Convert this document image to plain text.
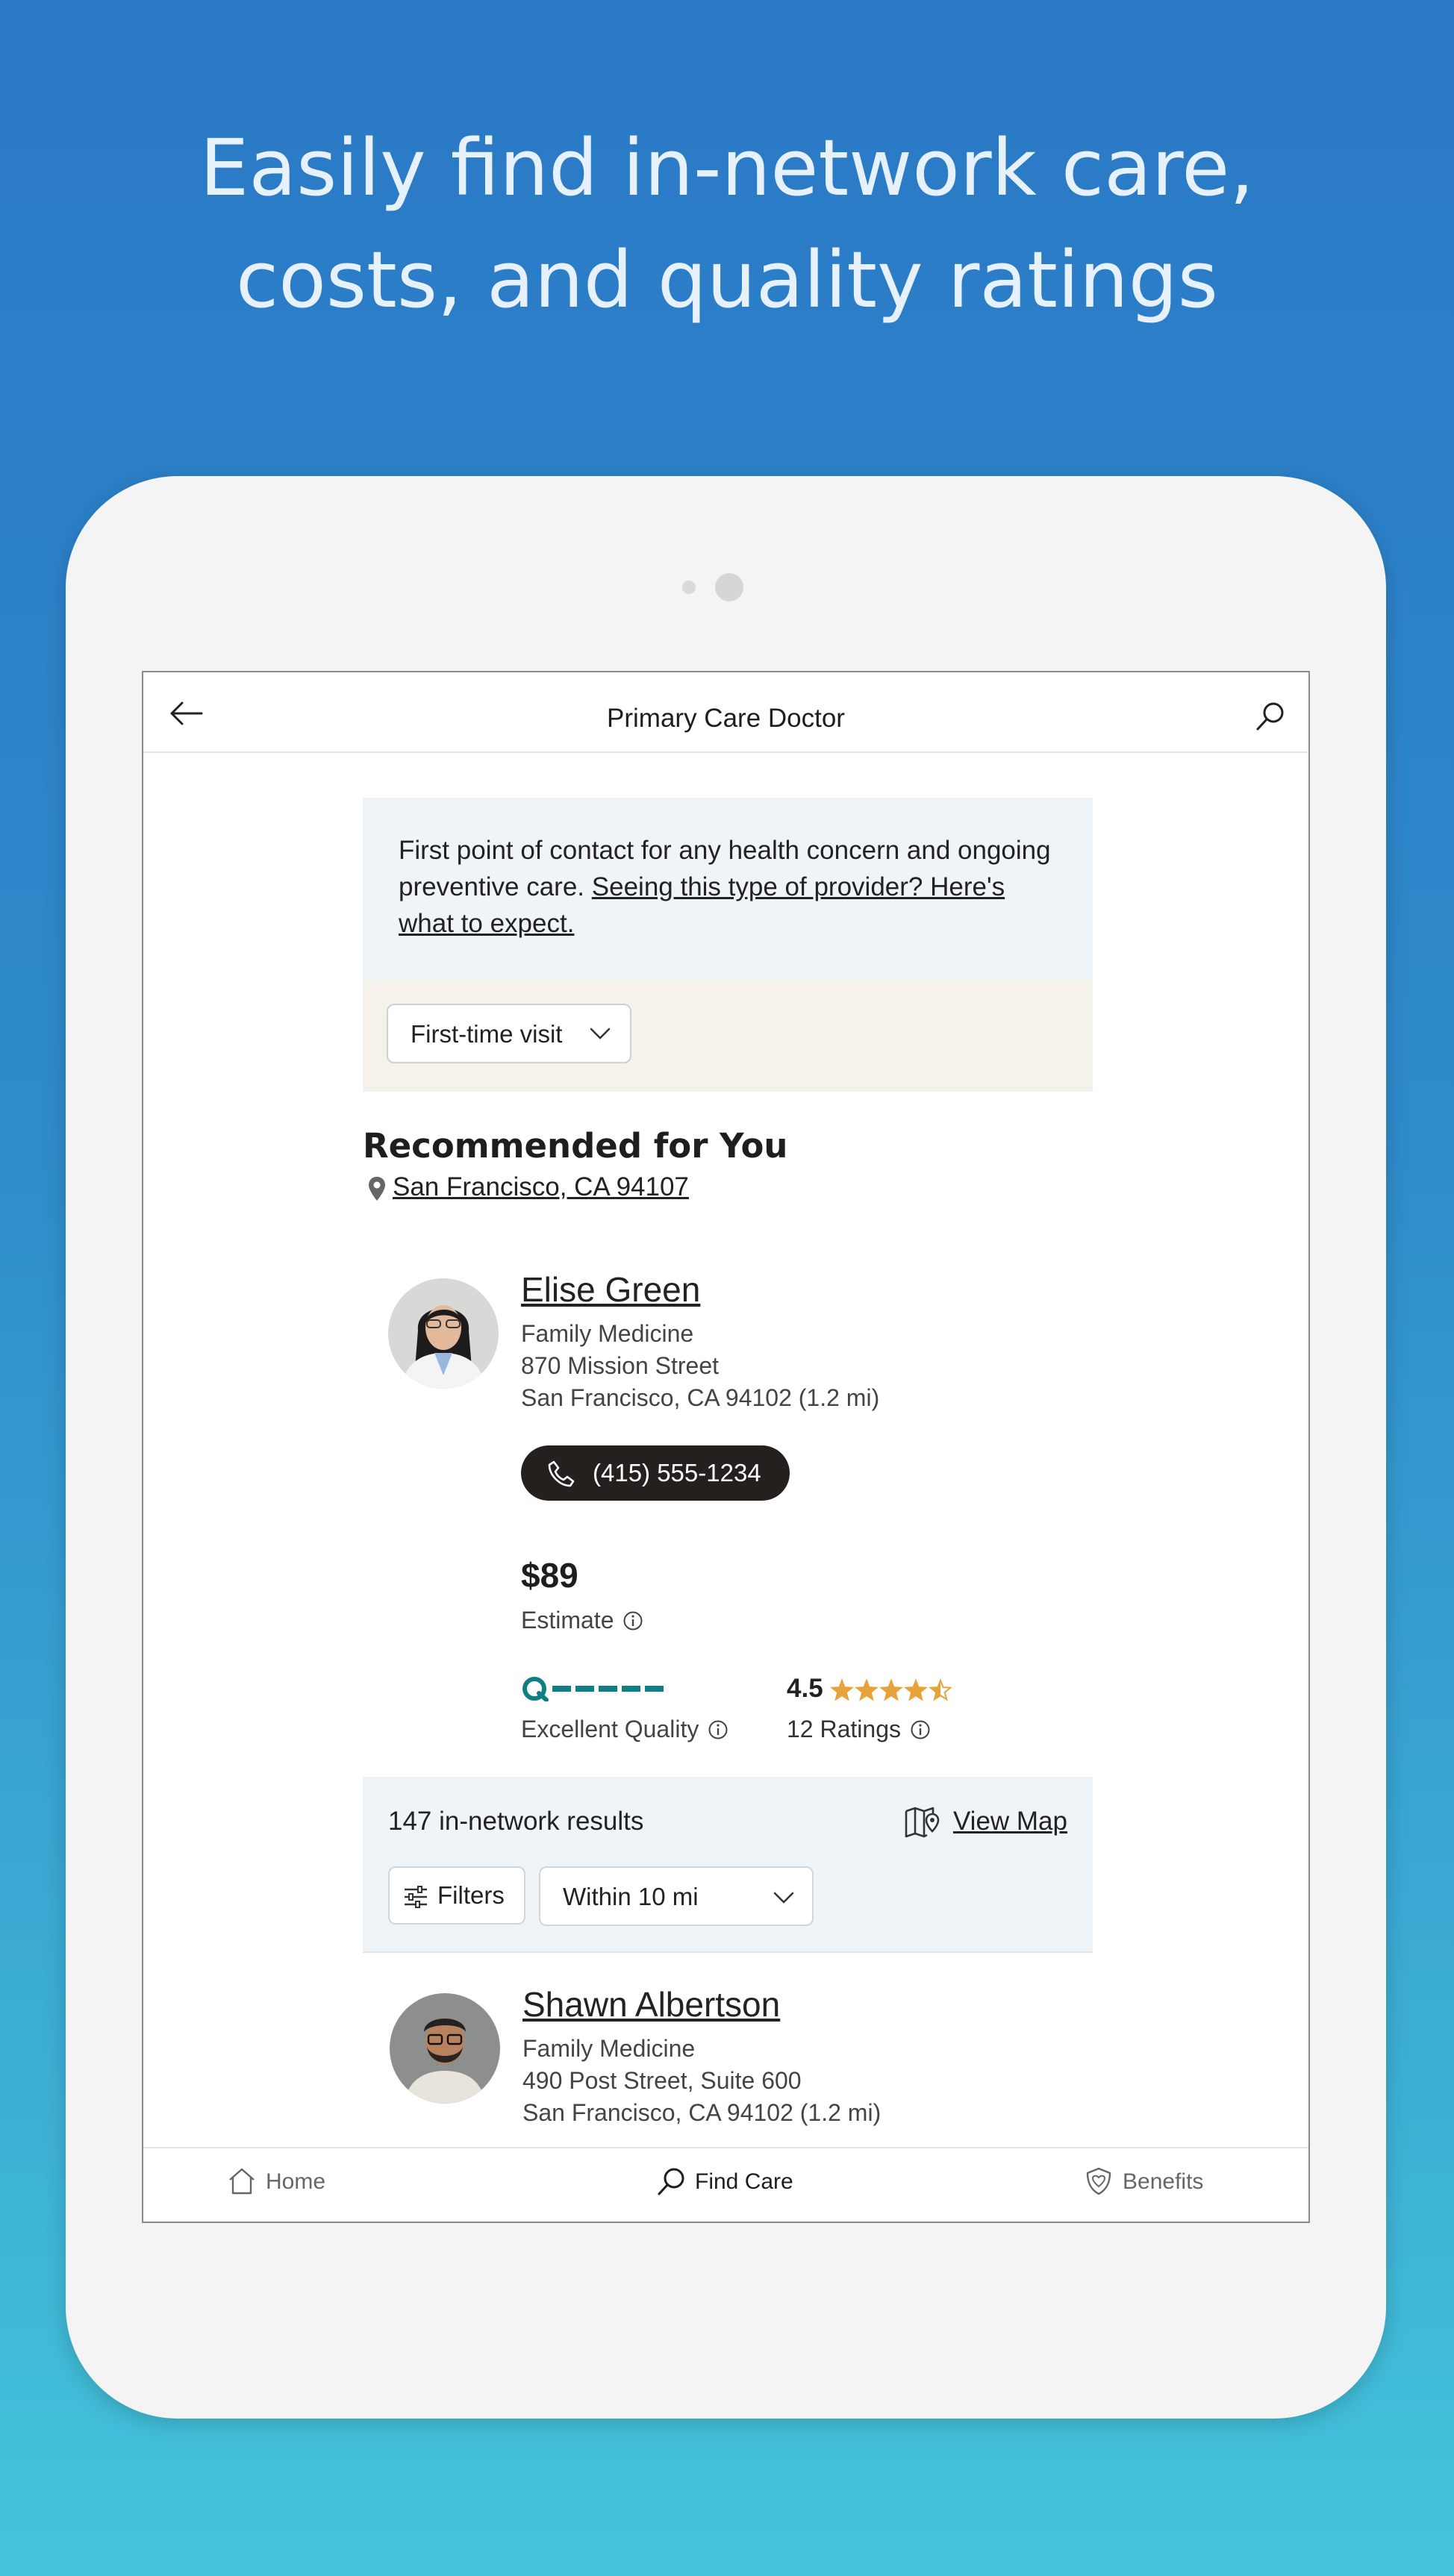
Easily find in-network care,
costs, and quality ratings
Primary Care Doctor
First point of contact for any health concern and ongoing preventive care. Seeing this type of provider? Here's what to expect.
First-time visit
Recommended for You
San Francisco, CA 94107
Elise Green
Family Medicine
870 Mission Street
San Francisco, CA 94102 (1.2 mi)
(415) 555-1234
$89
Estimate
Excellent Quality
4.5
12 Ratings
147 in-network results	View Map
Filters Within 10 mi
Shawn Albertson
Family Medicine
490 Post Street, Suite 600
San Francisco, CA 94102 (1.2 mi)
Home	Find Care	Benefits
